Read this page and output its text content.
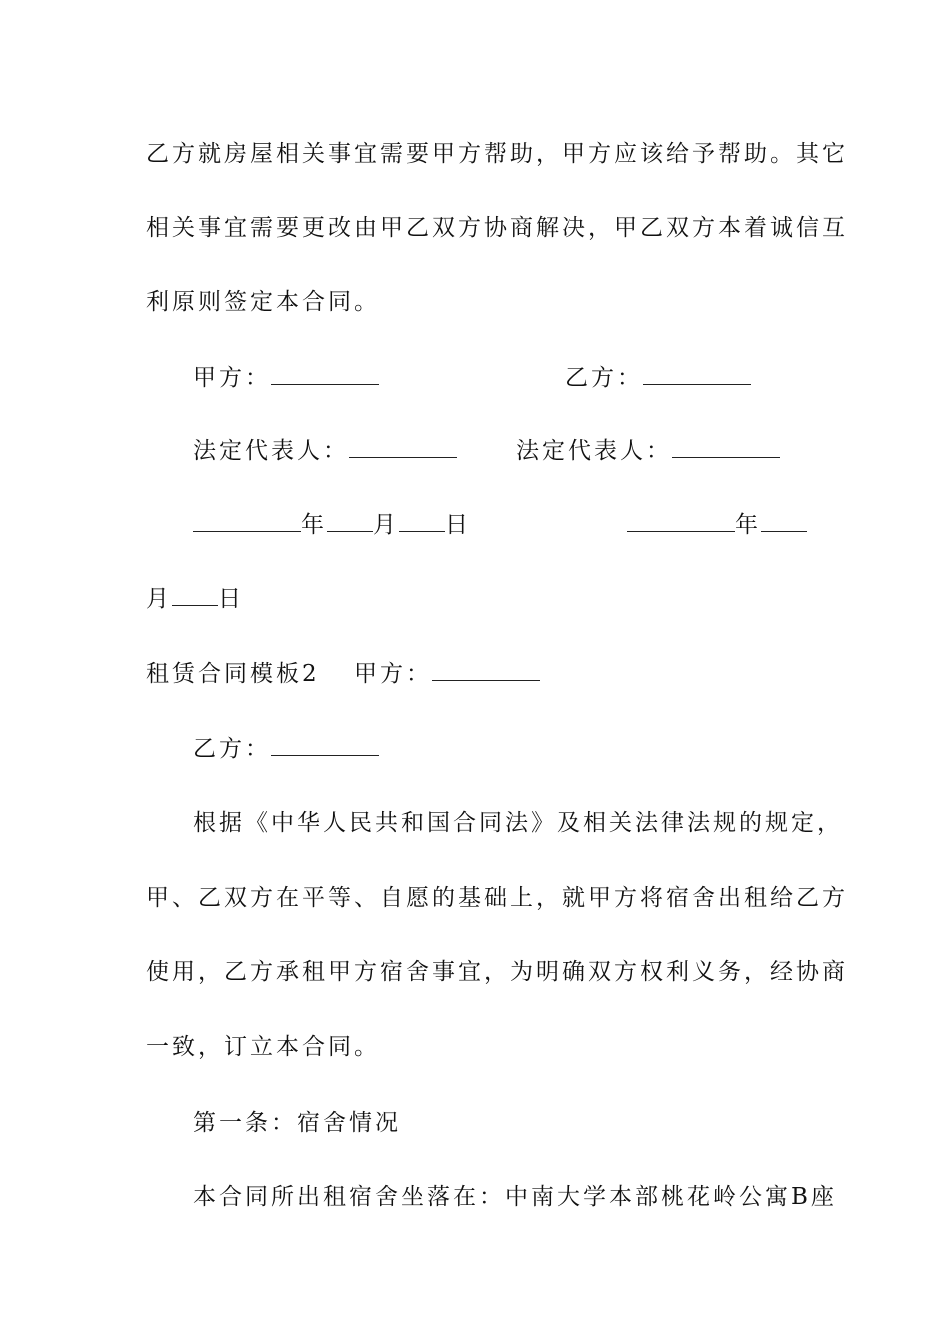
乙方就房屋相关事宜需要甲方帮助，甲方应该给予帮助。其它
相关事宜需要更改由甲乙双方协商解决，甲乙双方本着诚信互
利原则签定本合同。
甲方：	乙方：
法定代表人：	法定代表人：
年 月 日	年
月 日
租赁合同模板2 甲方：
乙方：
根据《中华人民共和国合同法》及相关法律法规的规定，
甲、乙双方在平等、自愿的基础上，就甲方将宿舍出租给乙方
使用，乙方承租甲方宿舍事宜，为明确双方权利义务，经协商
一致，订立本合同。
第一条：宿舍情况
本合同所出租宿舍坐落在：中南大学本部桃花岭公寓B座
